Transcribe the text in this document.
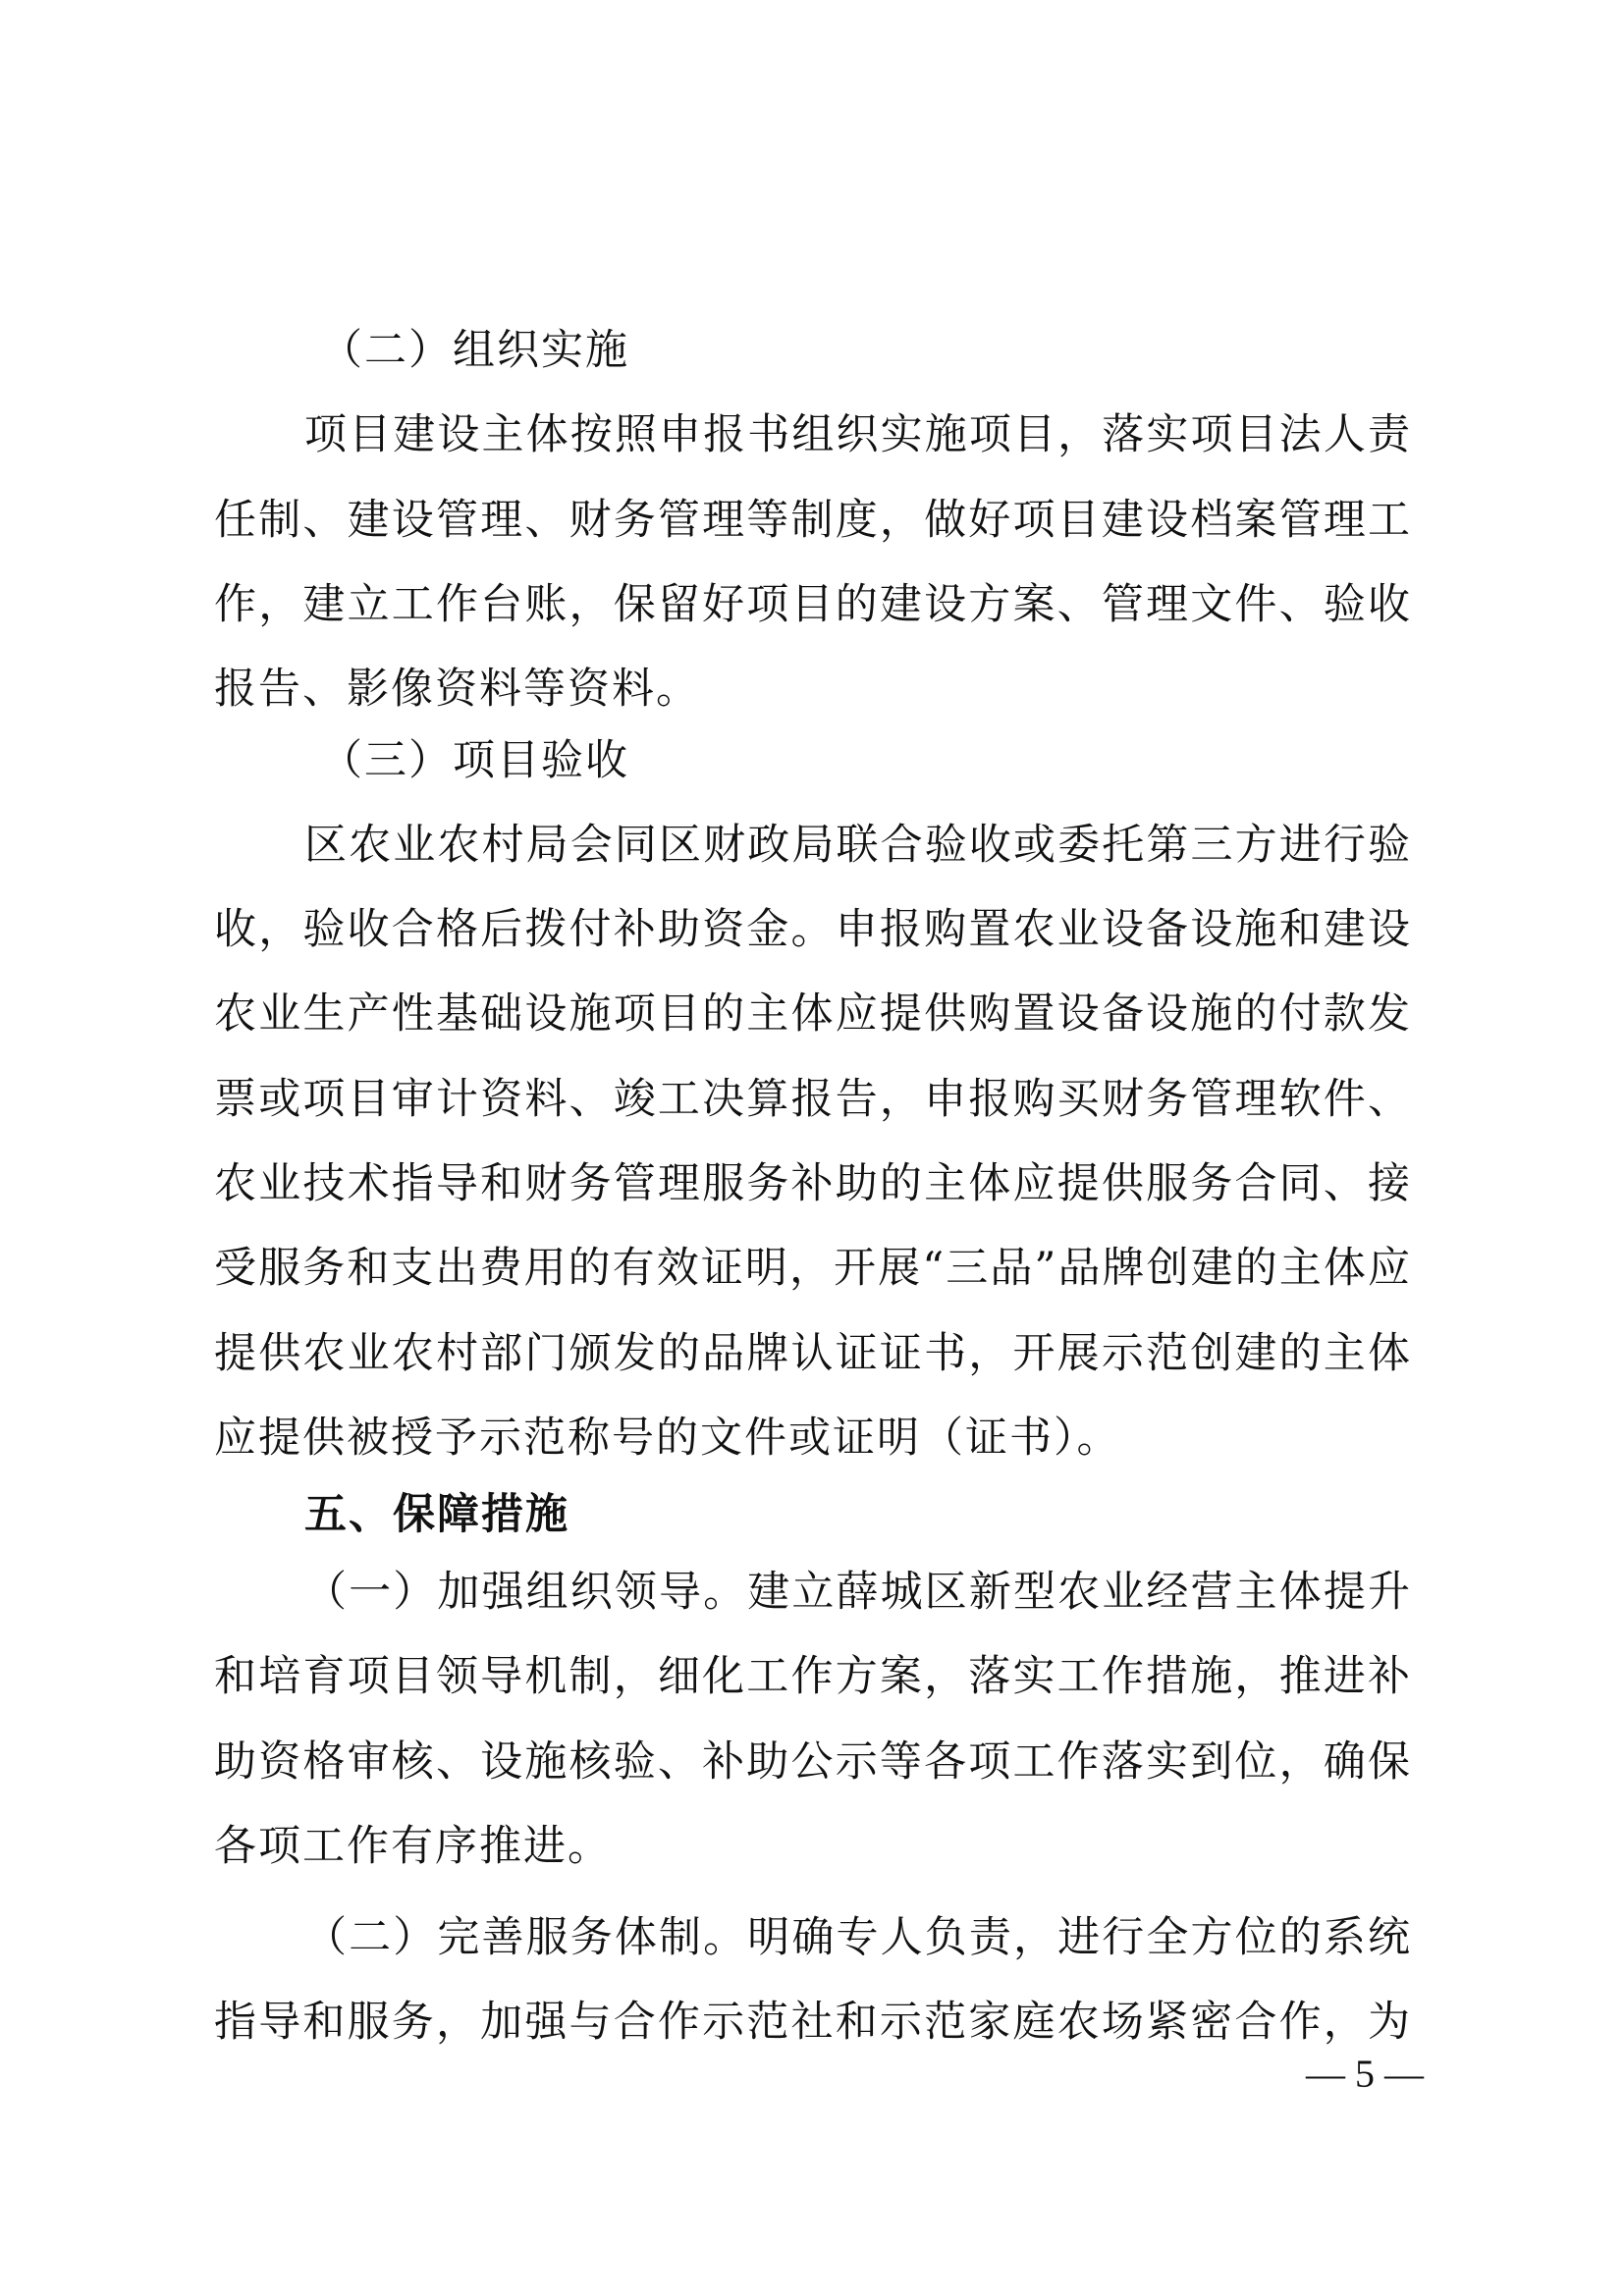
（二）组织实施
项目建设主体按照申报书组织实施项目，落实项目法人责
任制、建设管理、财务管理等制度，做好项目建设档案管理工
作，建立工作台账，保留好项目的建设方案、管理文件、验收
报告、影像资料等资料。
（三）项目验收
区农业农村局会同区财政局联合验收或委托第三方进行验
收，验收合格后拨付补助资金。申报购置农业设备设施和建设
农业生产性基础设施项目的主体应提供购置设备设施的付款发
票或项目审计资料、竣工决算报告，申报购买财务管理软件、
农业技术指导和财务管理服务补助的主体应提供服务合同、接
受服务和支出费用的有效证明，开展“三品”品牌创建的主体应
提供农业农村部门颁发的品牌认证证书，开展示范创建的主体
应提供被授予示范称号的文件或证明（证书）。
五、保障措施
（一）加强组织领导。建立薛城区新型农业经营主体提升
和培育项目领导机制，细化工作方案，落实工作措施，推进补
助资格审核、设施核验、补助公示等各项工作落实到位，确保
各项工作有序推进。
（二）完善服务体制。明确专人负责，进行全方位的系统
指导和服务，加强与合作示范社和示范家庭农场紧密合作，为
— 5 —
